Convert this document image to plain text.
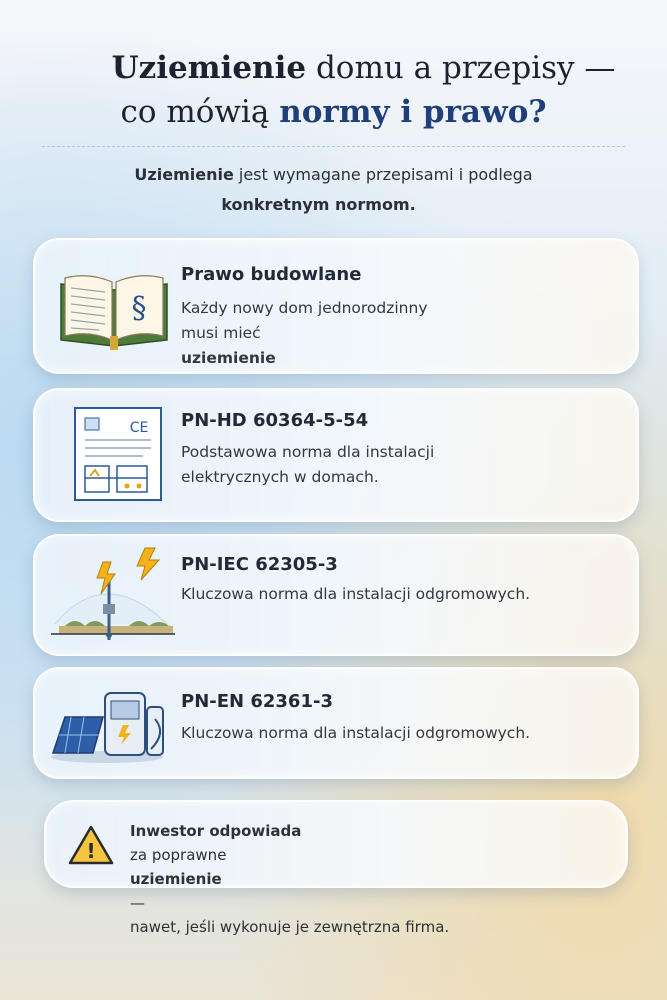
Uziemienie domu a przepisy —
co mówią normy i prawo?
Uziemienie jest wymagane przepisami i podlega
konkretnym normom.
§
Prawo budowlane
Każdy nowy dom jednorodzinny
musi mieć
uziemienie
CE PN-HD 60364-5-54
Podstawowa norma dla instalacji
elektrycznych w domach.
PN-IEC 62305-3
Kluczowa norma dla instalacji odgromowych.
PN-EN 62361-3
Kluczowa norma dla instalacji odgromowych.
!
Inwestor odpowiada
za poprawne
uziemienie
—
nawet, jeśli wykonuje je zewnętrzna firma.
